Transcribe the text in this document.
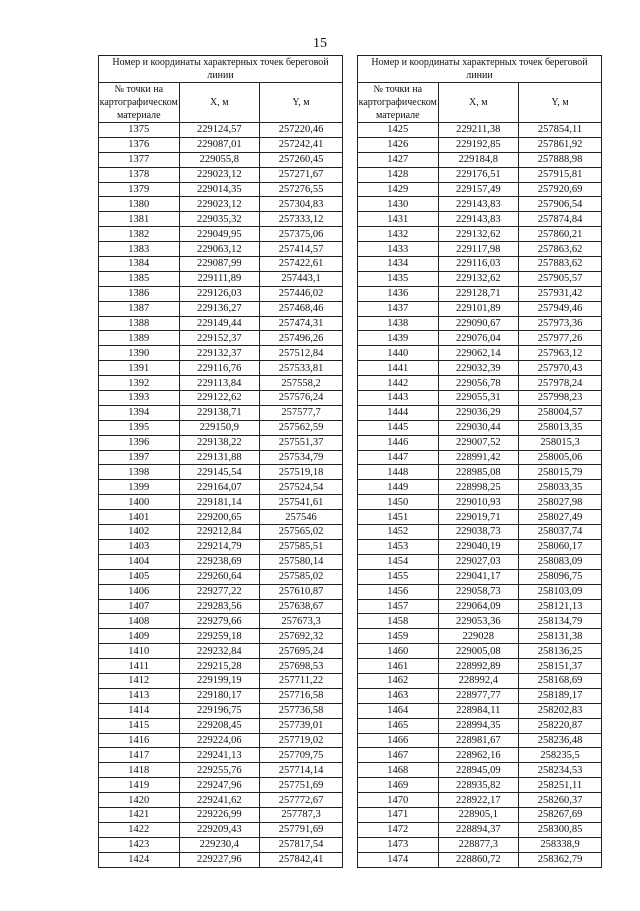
15
Номер и координаты характерных точек береговой линии		
№ точки на картографическом материале	X, м	Y, м
1375	229124,57	257220,46
1376	229087,01	257242,41
1377	229055,8	257260,45
1378	229023,12	257271,67
1379	229014,35	257276,55
1380	229023,12	257304,83
1381	229035,32	257333,12
1382	229049,95	257375,06
1383	229063,12	257414,57
1384	229087,99	257422,61
1385	229111,89	257443,1
1386	229126,03	257446,02
1387	229136,27	257468,46
1388	229149,44	257474,31
1389	229152,37	257496,26
1390	229132,37	257512,84
1391	229116,76	257533,81
1392	229113,84	257558,2
1393	229122,62	257576,24
1394	229138,71	257577,7
1395	229150,9	257562,59
1396	229138,22	257551,37
1397	229131,88	257534,79
1398	229145,54	257519,18
1399	229164,07	257524,54
1400	229181,14	257541,61
1401	229200,65	257546
1402	229212,84	257565,02
1403	229214,79	257585,51
1404	229238,69	257580,14
1405	229260,64	257585,02
1406	229277,22	257610,87
1407	229283,56	257638,67
1408	229279,66	257673,3
1409	229259,18	257692,32
1410	229232,84	257695,24
1411	229215,28	257698,53
1412	229199,19	257711,22
1413	229180,17	257716,58
1414	229196,75	257736,58
1415	229208,45	257739,01
1416	229224,06	257719,02
1417	229241,13	257709,75
1418	229255,76	257714,14
1419	229247,96	257751,69
1420	229241,62	257772,67
1421	229226,99	257787,3
1422	229209,43	257791,69
1423	229230,4	257817,54
1424	229227,96	257842,41
Номер и координаты характерных точек береговой линии		
№ точки на картографическом материале	X, м	Y, м
1425	229211,38	257854,11
1426	229192,85	257861,92
1427	229184,8	257888,98
1428	229176,51	257915,81
1429	229157,49	257920,69
1430	229143,83	257906,54
1431	229143,83	257874,84
1432	229132,62	257860,21
1433	229117,98	257863,62
1434	229116,03	257883,62
1435	229132,62	257905,57
1436	229128,71	257931,42
1437	229101,89	257949,46
1438	229090,67	257973,36
1439	229076,04	257977,26
1440	229062,14	257963,12
1441	229032,39	257970,43
1442	229056,78	257978,24
1443	229055,31	257998,23
1444	229036,29	258004,57
1445	229030,44	258013,35
1446	229007,52	258015,3
1447	228991,42	258005,06
1448	228985,08	258015,79
1449	228998,25	258033,35
1450	229010,93	258027,98
1451	229019,71	258027,49
1452	229038,73	258037,74
1453	229040,19	258060,17
1454	229027,03	258083,09
1455	229041,17	258096,75
1456	229058,73	258103,09
1457	229064,09	258121,13
1458	229053,36	258134,79
1459	229028	258131,38
1460	229005,08	258136,25
1461	228992,89	258151,37
1462	228992,4	258168,69
1463	228977,77	258189,17
1464	228984,11	258202,83
1465	228994,35	258220,87
1466	228981,67	258236,48
1467	228962,16	258235,5
1468	228945,09	258234,53
1469	228935,82	258251,11
1470	228922,17	258260,37
1471	228905,1	258267,69
1472	228894,37	258300,85
1473	228877,3	258338,9
1474	228860,72	258362,79
